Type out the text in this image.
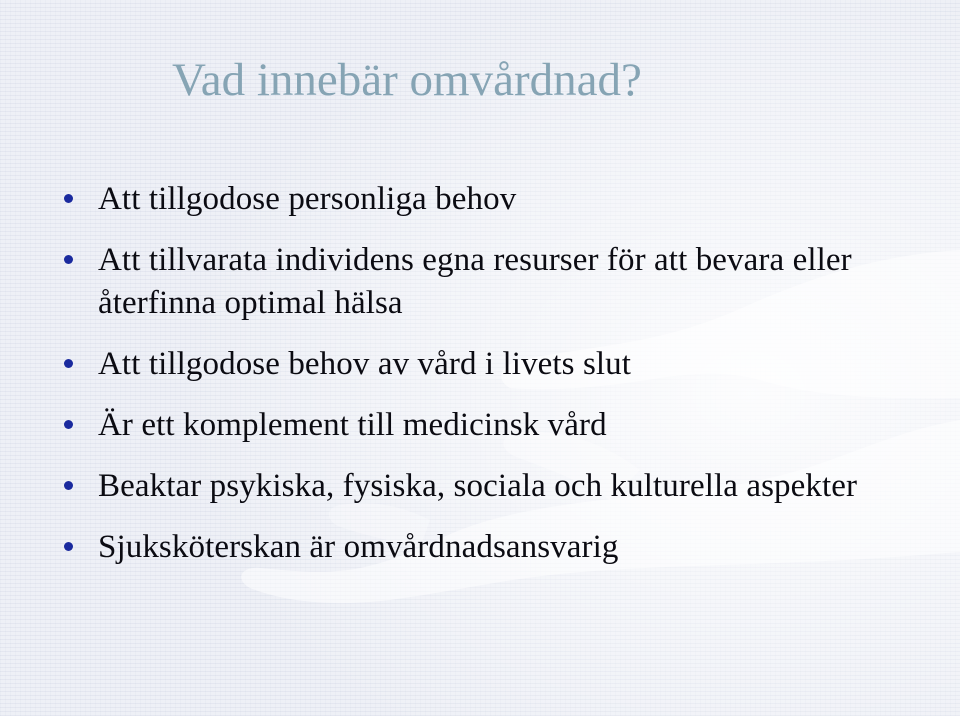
Vad innebär omvårdnad?
Att tillgodose personliga behov
Att tillvarata individens egna resurser för att bevara eller återfinna optimal hälsa
Att tillgodose behov av vård i livets slut
Är ett komplement till medicinsk vård
Beaktar psykiska, fysiska, sociala och kulturella aspekter
Sjuksköterskan är omvårdnadsansvarig
